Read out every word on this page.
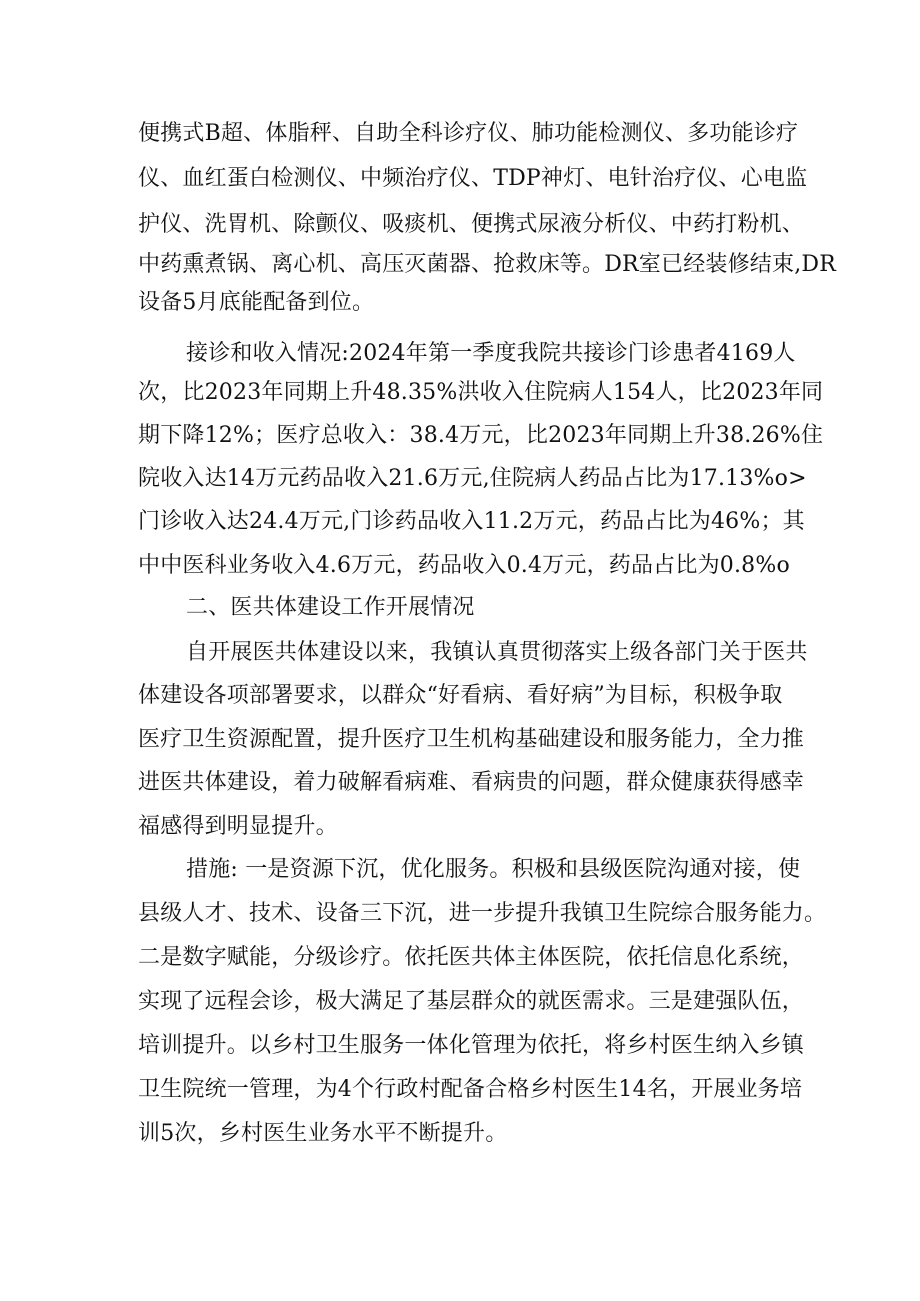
便携式B超、体脂秤、自助全科诊疗仪、肺功能检测仪、多功能诊疗
仪、血红蛋白检测仪、中频治疗仪、TDP神灯、电针治疗仪、心电监
护仪、洗胃机、除颤仪、吸痰机、便携式尿液分析仪、中药打粉机、
中药熏煮锅、离心机、高压灭菌器、抢救床等。DR室已经装修结束,DR
设备5月底能配备到位。
接诊和收入情况:2024年第一季度我院共接诊门诊患者4169人
次，比2023年同期上升48.35%洪收入住院病人154人，比2023年同
期下降12%；医疗总收入：38.4万元，比2023年同期上升38.26%住
院收入达14万元药品收入21.6万元,住院病人药品占比为17.13%o>
门诊收入达24.4万元,门诊药品收入11.2万元，药品占比为46%；其
中中医科业务收入4.6万元，药品收入0.4万元，药品占比为0.8%o
二、医共体建设工作开展情况
自开展医共体建设以来，我镇认真贯彻落实上级各部门关于医共
体建设各项部署要求，以群众“好看病、看好病”为目标，积极争取
医疗卫生资源配置，提升医疗卫生机构基础建设和服务能力，全力推
进医共体建设，着力破解看病难、看病贵的问题，群众健康获得感幸
福感得到明显提升。
措施: 一是资源下沉，优化服务。积极和县级医院沟通对接，使
县级人才、技术、设备三下沉，进一步提升我镇卫生院综合服务能力。
二是数字赋能，分级诊疗。依托医共体主体医院，依托信息化系统，
实现了远程会诊，极大满足了基层群众的就医需求。三是建强队伍，
培训提升。以乡村卫生服务一体化管理为依托，将乡村医生纳入乡镇
卫生院统一管理，为4个行政村配备合格乡村医生14名，开展业务培
训5次，乡村医生业务水平不断提升。
